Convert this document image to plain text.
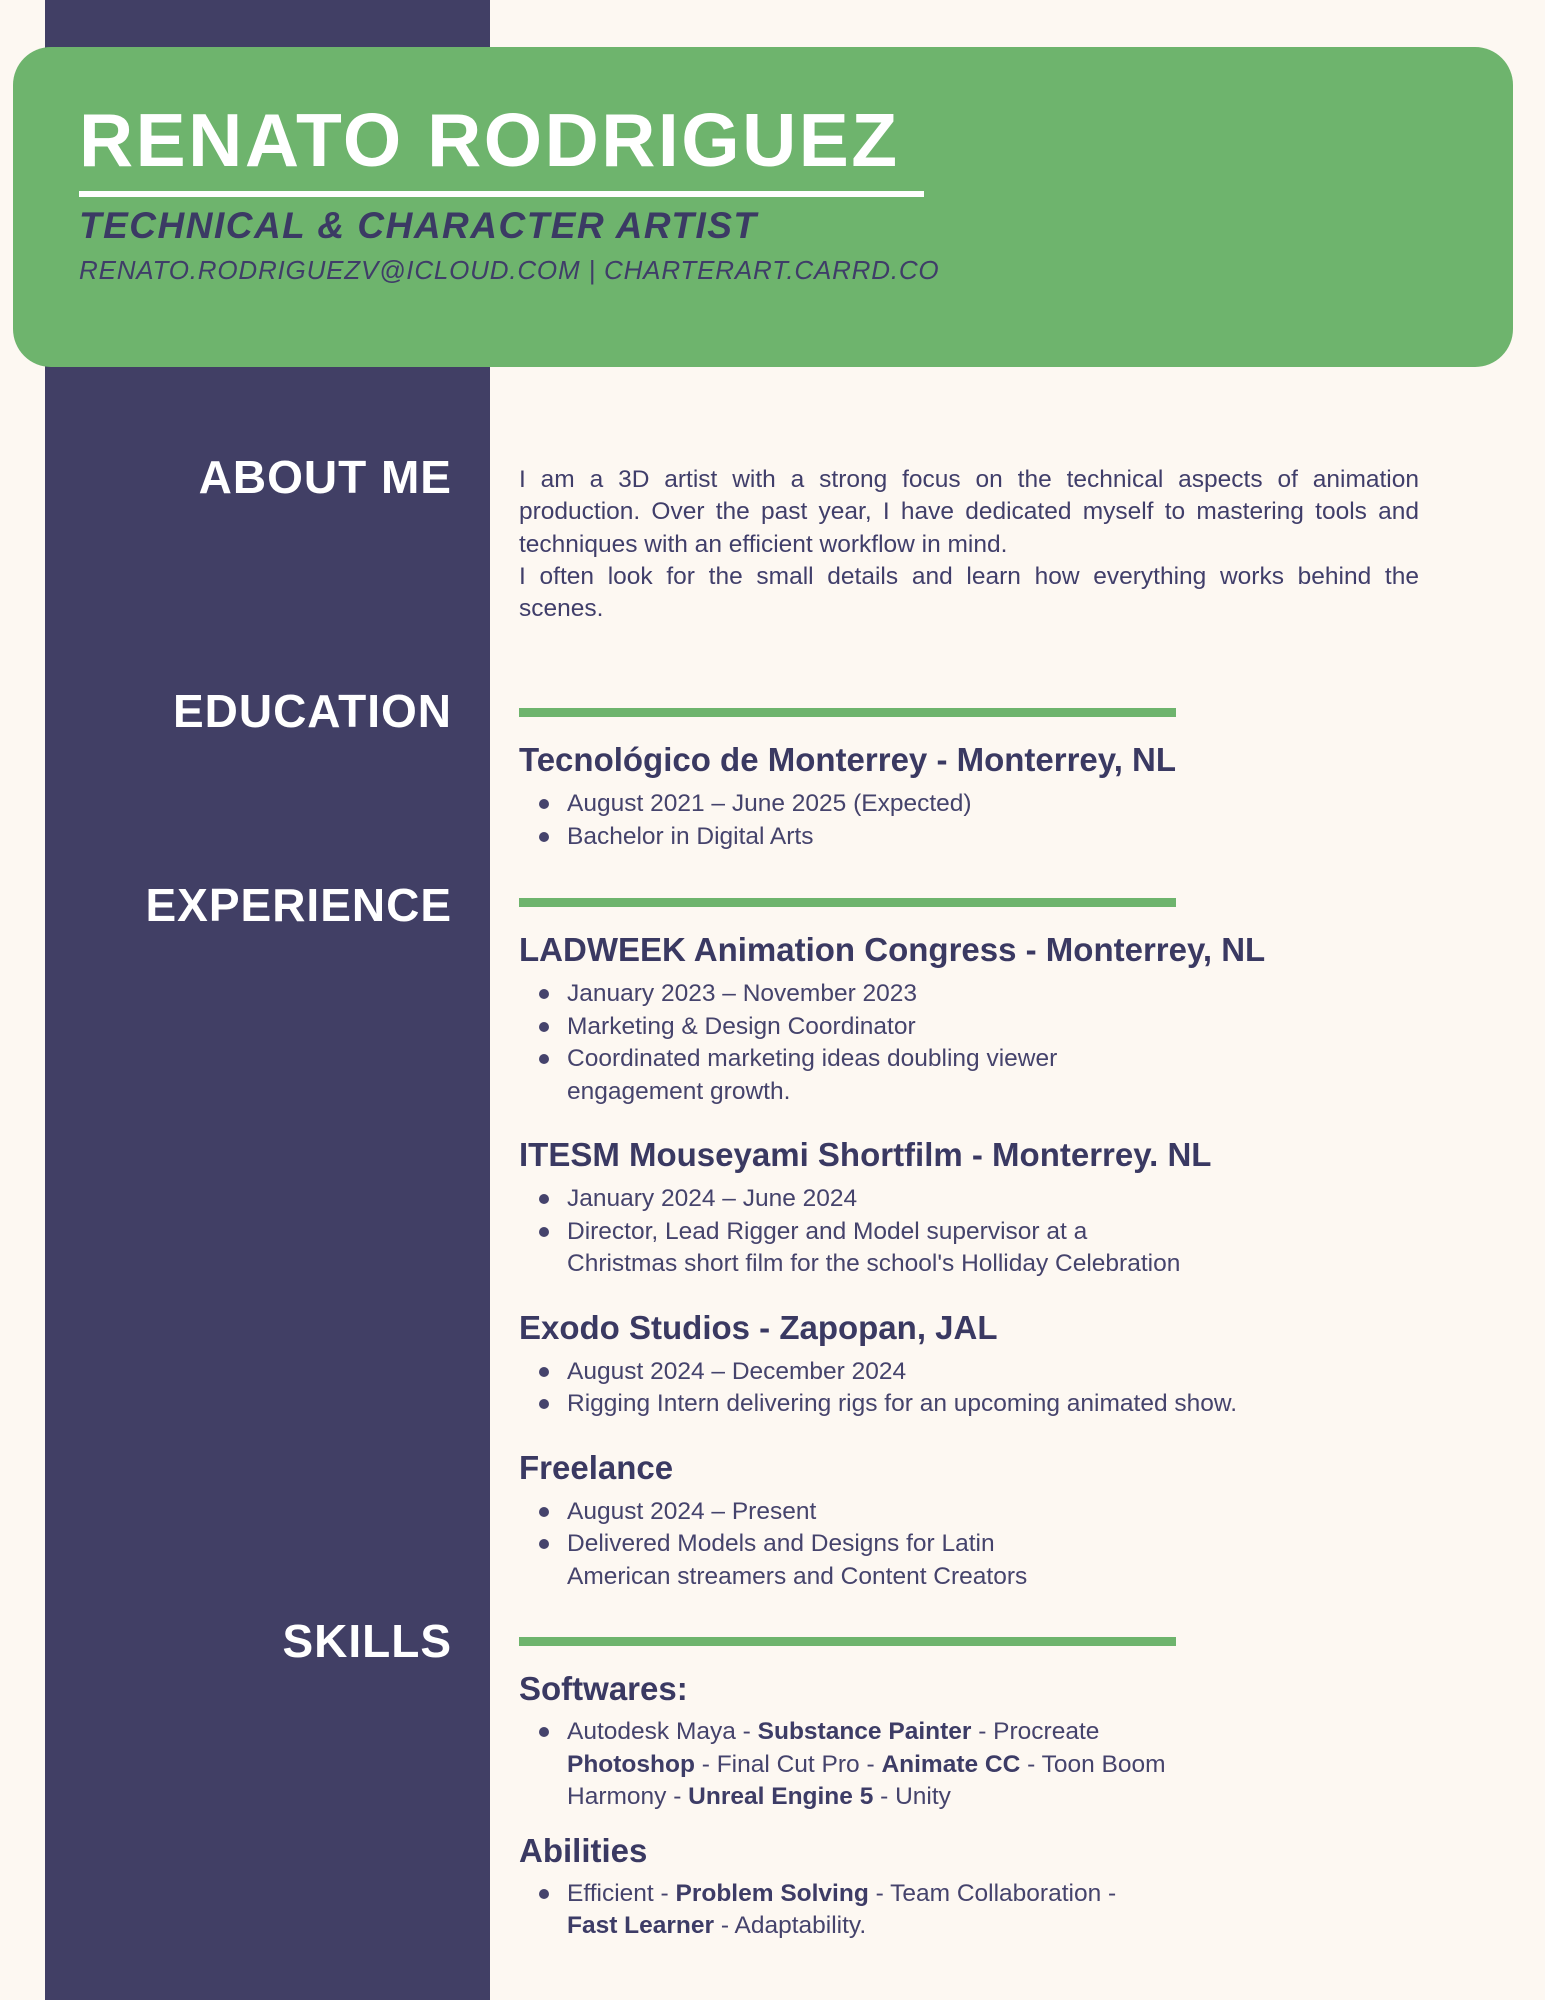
RENATO RODRIGUEZ
TECHNICAL & CHARACTER ARTIST

RENATO.RODRIGUEZV@ICLOUD.COM | CHARTERART.CARRD.CO

ABOUT ME
EDUCATION
EXPERIENCE
SKILLS

I am a 3D artist with a strong focus on the technical aspects of animation production. Over the past year, I have dedicated myself to mastering tools and techniques with an efficient workflow in mind.

I often look for the small details and learn how everything works behind the scenes.

Tecnológico de Monterrey - Monterrey, NL
August 2021 – June 2025 (Expected)
Bachelor in Digital Arts
LADWEEK Animation Congress - Monterrey, NL
January 2023 – November 2023
Marketing & Design Coordinator
Coordinated marketing ideas doubling viewer
engagement growth.
ITESM Mouseyami Shortfilm - Monterrey. NL
January 2024 – June 2024
Director, Lead Rigger and Model supervisor at a
Christmas short film for the school's Holliday Celebration
Exodo Studios - Zapopan, JAL
August 2024 – December 2024
Rigging Intern delivering rigs for an upcoming animated show.
Freelance
August 2024 – Present
Delivered Models and Designs for Latin
American streamers and Content Creators
Softwares:
Autodesk Maya - Substance Painter - Procreate
Photoshop - Final Cut Pro - Animate CC - Toon Boom
Harmony - Unreal Engine 5 - Unity
Abilities
Efficient - Problem Solving - Team Collaboration -
Fast Learner - Adaptability.
